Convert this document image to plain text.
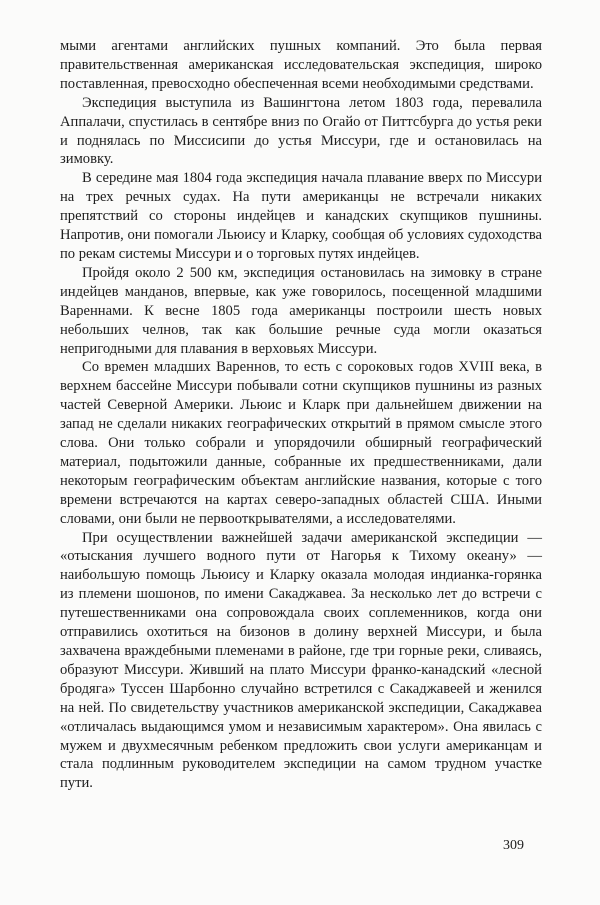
мыми агентами английских пушных компаний. Это была первая правительственная американская исследовательская экспедиция, широко поставленная, превосходно обеспеченная всеми необходимыми средствами.

Экспедиция выступила из Вашингтона летом 1803 года, перевалила Аппалачи, спустилась в сентябре вниз по Огайо от Питтсбурга до устья реки и поднялась по Миссисипи до устья Миссури, где и остановилась на зимовку.

В середине мая 1804 года экспедиция начала плавание вверх по Миссури на трех речных судах. На пути американцы не встречали никаких препятствий со стороны индейцев и канадских скупщиков пушнины. Напротив, они помогали Льюису и Кларку, сообщая об условиях судоходства по рекам системы Миссури и о торговых путях индейцев.

Пройдя около 2 500 км, экспедиция остановилась на зимовку в стране индейцев манданов, впервые, как уже говорилось, посещенной младшими Вареннами. К весне 1805 года американцы построили шесть новых небольших челнов, так как большие речные суда могли оказаться непригодными для плавания в верховьях Миссури.

Со времен младших Вареннов, то есть с сороковых годов XVIII века, в верхнем бассейне Миссури побывали сотни скупщиков пушнины из разных частей Северной Америки. Льюис и Кларк при дальнейшем движении на запад не сделали никаких географических открытий в прямом смысле этого слова. Они только собрали и упорядочили обширный географический материал, подытожили данные, собранные их предшественниками, дали некоторым географическим объектам английские названия, которые с того времени встречаются на картах северо-западных областей США. Иными словами, они были не первооткрывателями, а исследователями.

При осуществлении важнейшей задачи американской экспедиции — «отыскания лучшего водного пути от Нагорья к Тихому океану» — наибольшую помощь Льюису и Кларку оказала молодая индианка-горянка из племени шошонов, по имени Сакаджавеа. За несколько лет до встречи с путешественниками она сопровождала своих соплеменников, когда они отправились охотиться на бизонов в долину верхней Миссури, и была захвачена враждебными племенами в районе, где три горные реки, сливаясь, образуют Миссури. Живший на плато Миссури франко-канадский «лесной бродяга» Туссен Шарбонно случайно встретился с Сакаджавеей и женился на ней. По свидетельству участников американской экспедиции, Сакаджавеа «отличалась выдающимся умом и независимым характером». Она явилась с мужем и двухмесячным ребенком предложить свои услуги американцам и стала подлинным руководителем экспедиции на самом трудном участке пути.

309
